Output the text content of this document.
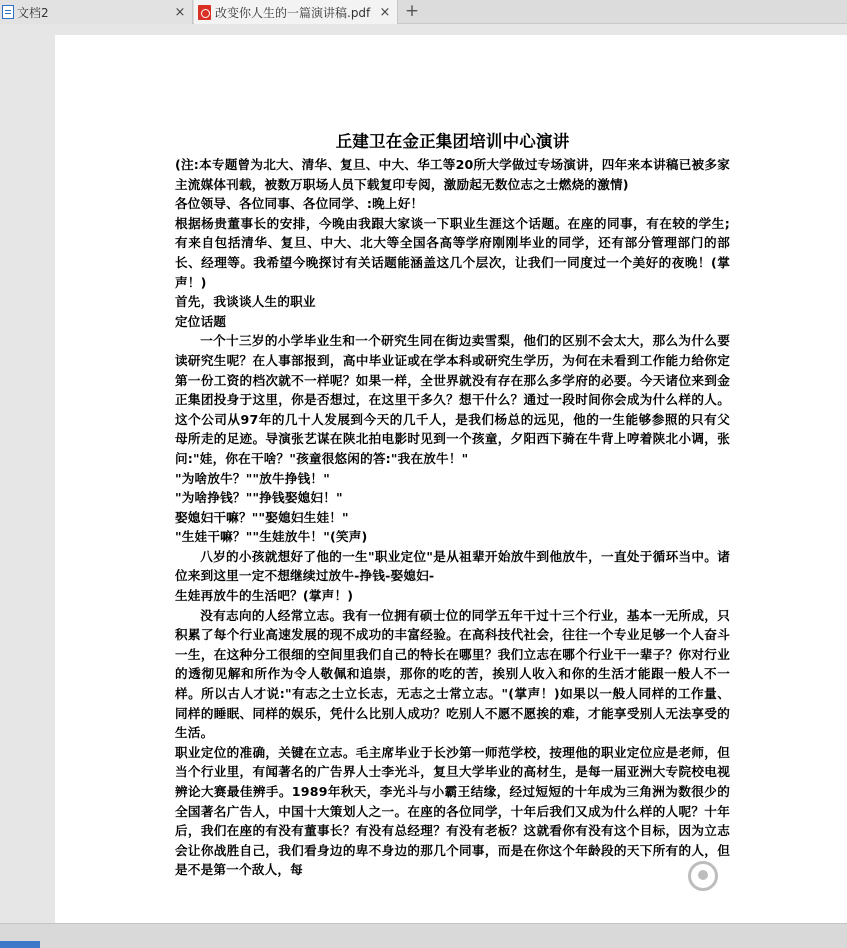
文档2	× 改变你人生的一篇演讲稿.pdf × +
丘建卫在金正集团培训中心演讲
(注:本专题曾为北大、清华、复旦、中大、华工等20所大学做过专场演讲，四年来本讲稿已被多家主流媒体刊载，被数万职场人员下载复印专阅，激励起无数位志之士燃烧的激情)
各位领导、各位同事、各位同学、:晚上好！
根据杨贵董事长的安排，今晚由我跟大家谈一下职业生涯这个话题。在座的同事，有在较的学生;有来自包括清华、复旦、中大、北大等全国各高等学府刚刚毕业的同学，还有部分管理部门的部长、经理等。我希望今晚探讨有关话题能涵盖这几个层次，让我们一同度过一个美好的夜晚！(掌声！)
首先，我谈谈人生的职业
定位话题
一个十三岁的小学毕业生和一个研究生同在街边卖雪梨，他们的区别不会太大，那么为什么要读研究生呢？在人事部报到，高中毕业证或在学本科或研究生学历，为何在未看到工作能力给你定第一份工资的档次就不一样呢？如果一样，全世界就没有存在那么多学府的必要。今天诸位来到金正集团投身于这里，你是否想过，在这里干多久？想干什么？通过一段时间你会成为什么样的人。这个公司从97年的几十人发展到今天的几千人，是我们杨总的远见，他的一生能够参照的只有父母所走的足迹。导演张艺谋在陕北拍电影时见到一个孩童，夕阳西下骑在牛背上哼着陕北小调，张问:"娃，你在干啥？"孩童很悠闲的答:"我在放牛！"
"为啥放牛？""放牛挣钱！"
"为啥挣钱？""挣钱娶媳妇！"
娶媳妇干嘛？""娶媳妇生娃！"
"生娃干嘛？""生娃放牛！"(笑声)
八岁的小孩就想好了他的一生"职业定位"是从祖辈开始放牛到他放牛，一直处于循环当中。诸位来到这里一定不想继续过放牛-挣钱-娶媳妇-
生娃再放牛的生活吧？(掌声！)
没有志向的人经常立志。我有一位拥有硕士位的同学五年干过十三个行业，基本一无所成，只积累了每个行业高速发展的现不成功的丰富经验。在高科技代社会，往往一个专业足够一个人奋斗一生，在这种分工很细的空间里我们自己的特长在哪里？我们立志在哪个行业干一辈子？你对行业的透彻见解和所作为令人敬佩和追崇，那你的吃的苦，挨别人收入和你的生活才能跟一般人不一样。所以古人才说:"有志之士立长志，无志之士常立志。"(掌声！)如果以一般人同样的工作量、同样的睡眠、同样的娱乐，凭什么比别人成功？吃别人不愿不愿挨的难，才能享受别人无法享受的生活。
职业定位的准确，关键在立志。毛主席毕业于长沙第一师范学校，按理他的职业定位应是老师，但当个行业里，有闻著名的广告界人士李光斗，复旦大学毕业的高材生，是每一届亚洲大专院校电视辨论大赛最佳辨手。1989年秋天，李光斗与小霸王结缘，经过短短的十年成为三角洲为数很少的全国著名广告人，中国十大策划人之一。在座的各位同学，十年后我们又成为什么样的人呢？十年后，我们在座的有没有董事长？有没有总经理？有没有老板？这就看你有没有这个目标，因为立志会让你战胜自己，我们看身边的卑不身边的那几个同事，而是在你这个年龄段的天下所有的人，但是不是第一个敌人，每	经验
